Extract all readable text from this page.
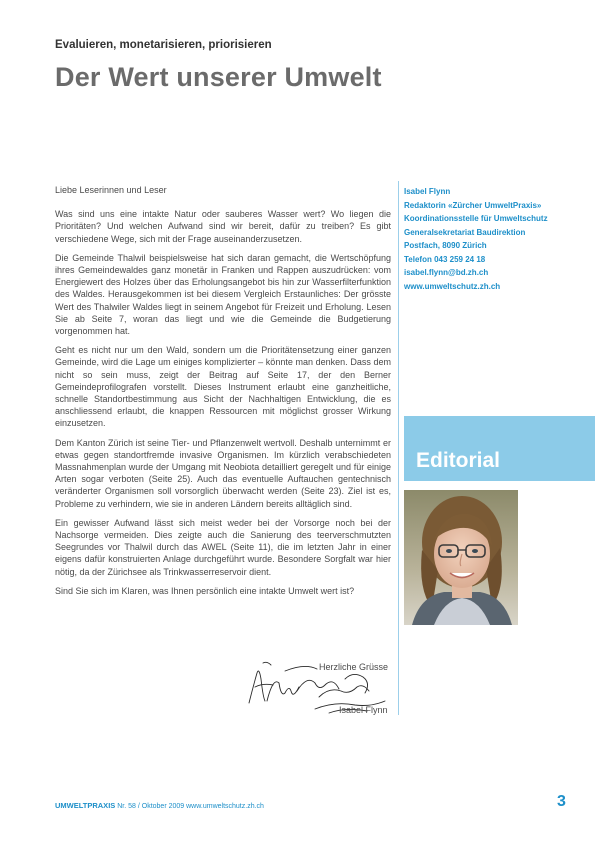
Evaluieren, monetarisieren, priorisieren
Der Wert unserer Umwelt

Liebe Leserinnen und Leser

Was sind uns eine intakte Natur oder sauberes Wasser wert? Wo liegen die Prioritäten? Und welchen Aufwand sind wir bereit, dafür zu treiben? Es gibt verschiedene Wege, sich mit der Frage auseinanderzusetzen.

Die Gemeinde Thalwil beispielsweise hat sich daran gemacht, die Wertschöpfung ihres Gemeindewaldes ganz monetär in Franken und Rappen auszudrücken: vom Energiewert des Holzes über das Erholungsangebot bis hin zur Wasserfilterfunktion des Waldes. Herausgekommen ist bei diesem Vergleich Erstaunliches: Der grösste Wert des Thalwiler Waldes liegt in seinem Angebot für Freizeit und Erholung. Lesen Sie ab Seite 7, woran das liegt und wie die Gemeinde die Budgetierung vorgenommen hat.

Geht es nicht nur um den Wald, sondern um die Prioritätensetzung einer ganzen Gemeinde, wird die Lage um einiges komplizierter – könnte man denken. Dass dem nicht so sein muss, zeigt der Beitrag auf Seite 17, der den Berner Gemeindeprofilografen vorstellt. Dieses Instrument erlaubt eine ganzheitliche, schnelle Standortbestimmung aus Sicht der Nachhaltigen Entwicklung, die es anschliessend erlaubt, die knappen Ressourcen mit möglichst grosser Wirkung einzusetzen.

Dem Kanton Zürich ist seine Tier- und Pflanzenwelt wertvoll. Deshalb unternimmt er etwas gegen standortfremde invasive Organismen. Im kürzlich verabschiedeten Massnahmenplan wurde der Umgang mit Neobiota detailliert geregelt und für einige Arten sogar verboten (Seite 25). Auch das eventuelle Auftauchen gentechnisch veränderter Organismen soll vorsorglich überwacht werden (Seite 23). Ziel ist es, Probleme zu verhindern, wie sie in anderen Ländern bereits alltäglich sind.

Ein gewisser Aufwand lässt sich meist weder bei der Vorsorge noch bei der Nachsorge vermeiden. Dies zeigte auch die Sanierung des teerverschmutzten Seegrundes vor Thalwil durch das AWEL (Seite 11), die im letzten Jahr in einer eigens dafür konstruierten Anlage durchgeführt wurde. Besondere Sorgfalt war hier nötig, da der Zürichsee als Trinkwasserreservoir dient.

Sind Sie sich im Klaren, was Ihnen persönlich eine intakte Umwelt wert ist?

Isabel Flynn
Redaktorin «Zürcher UmweltPraxis»
Koordinationsstelle für Umweltschutz
Generalsekretariat Baudirektion
Postfach, 8090 Zürich
Telefon 043 259 24 18
isabel.flynn@bd.zh.ch
www.umweltschutz.zh.ch
Editorial
Herzliche Grüsse
Isabel Flynn
UMWELTPRAXIS Nr. 58 / Oktober 2009 www.umweltschutz.zh.ch	3
